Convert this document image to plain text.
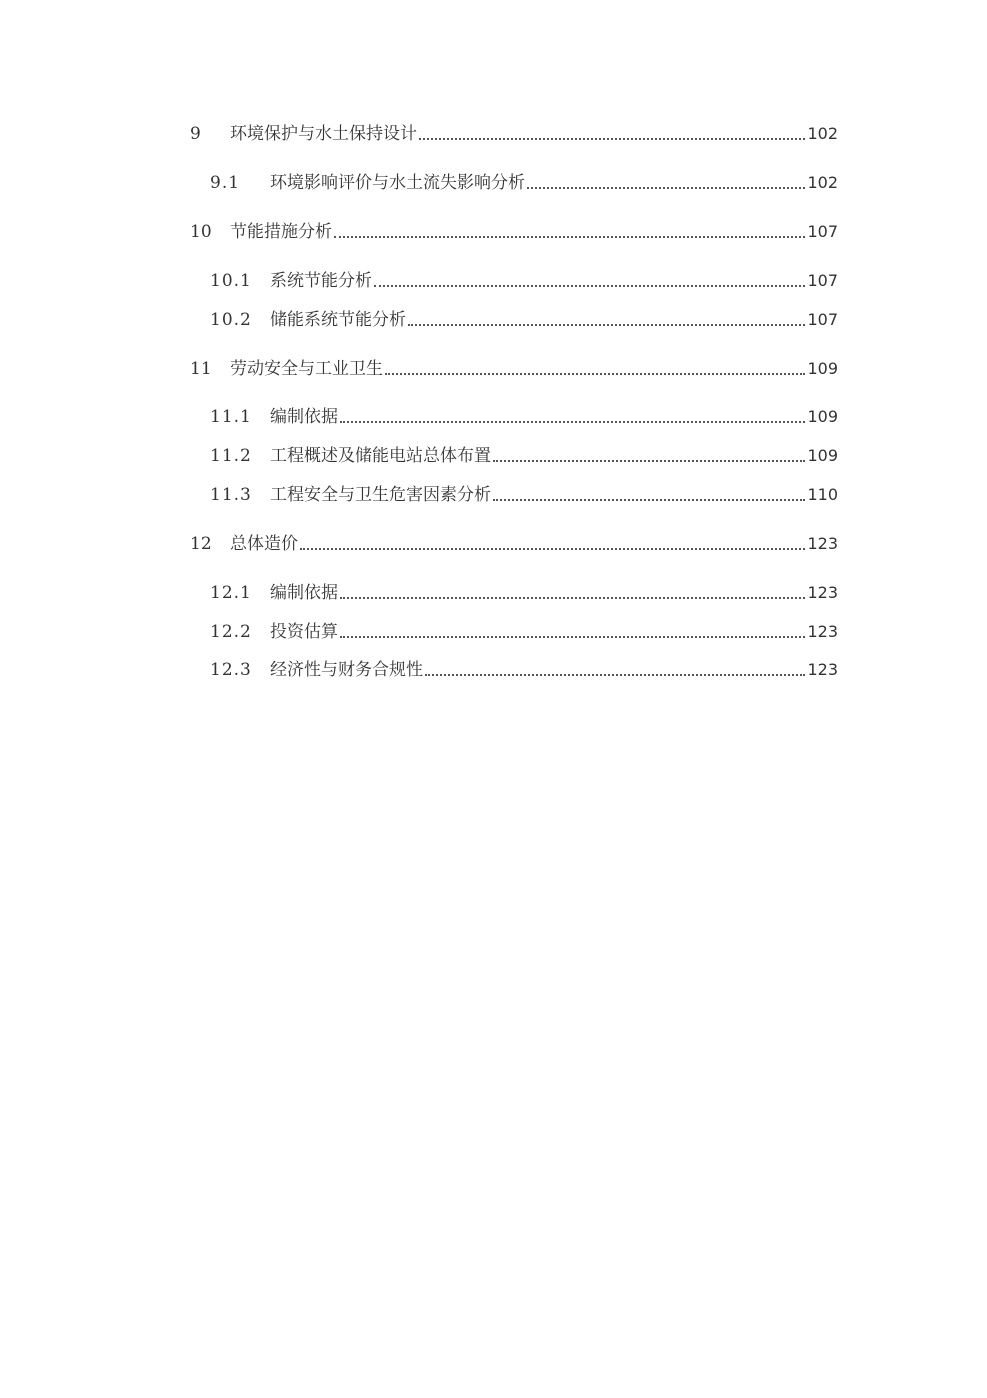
9	环境保护与水土保持设计	102
9.1	环境影响评价与水土流失影响分析	102
10	节能措施分析	107
10.1	系统节能分析	107
10.2	储能系统节能分析	107
11	劳动安全与工业卫生	109
11.1	编制依据	109
11.2	工程概述及储能电站总体布置	109
11.3	工程安全与卫生危害因素分析	110
12	总体造价	123
12.1	编制依据	123
12.2	投资估算	123
12.3	经济性与财务合规性	123
